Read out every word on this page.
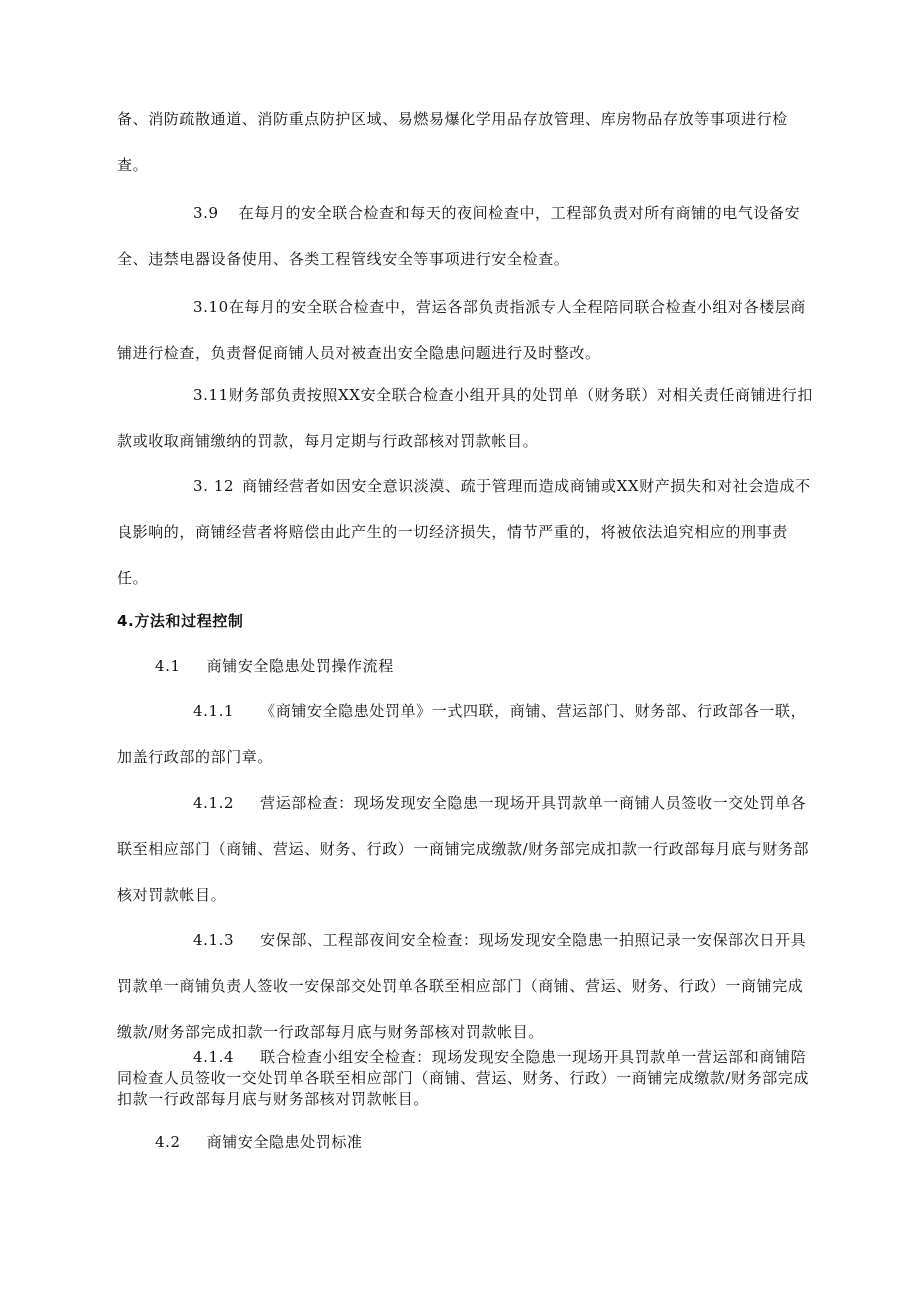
备、消防疏散通道、消防重点防护区域、易燃易爆化学用品存放管理、库房物品存放等事项进行检查。

3.9 在每月的安全联合检查和每天的夜间检查中，工程部负责对所有商铺的电气设备安全、违禁电器设备使用、各类工程管线安全等事项进行安全检查。

3.10在每月的安全联合检查中，营运各部负责指派专人全程陪同联合检查小组对各楼层商铺进行检查，负责督促商铺人员对被查出安全隐患问题进行及时整改。

3.11财务部负责按照XX安全联合检查小组开具的处罚单（财务联）对相关责任商铺进行扣款或收取商铺缴纳的罚款，每月定期与行政部核对罚款帐目。

3. 12 商铺经营者如因安全意识淡漠、疏于管理而造成商铺或XX财产损失和对社会造成不良影响的，商铺经营者将赔偿由此产生的一切经济损失，情节严重的，将被依法追究相应的刑事责任。

4.方法和过程控制

4.1 商铺安全隐患处罚操作流程

4.1.1 《商铺安全隐患处罚单》一式四联，商铺、营运部门、财务部、行政部各一联，加盖行政部的部门章。

4.1.2 营运部检查：现场发现安全隐患一现场开具罚款单一商铺人员签收一交处罚单各联至相应部门（商铺、营运、财务、行政）一商铺完成缴款/财务部完成扣款一行政部每月底与财务部核对罚款帐目。

4.1.3 安保部、工程部夜间安全检查：现场发现安全隐患一拍照记录一安保部次日开具罚款单一商铺负责人签收一安保部交处罚单各联至相应部门（商铺、营运、财务、行政）一商铺完成缴款/财务部完成扣款一行政部每月底与财务部核对罚款帐目。

4.1.4 联合检查小组安全检查：现场发现安全隐患一现场开具罚款单一营运部和商铺陪同检查人员签收一交处罚单各联至相应部门（商铺、营运、财务、行政）一商铺完成缴款/财务部完成扣款一行政部每月底与财务部核对罚款帐目。

4.2 商铺安全隐患处罚标准
